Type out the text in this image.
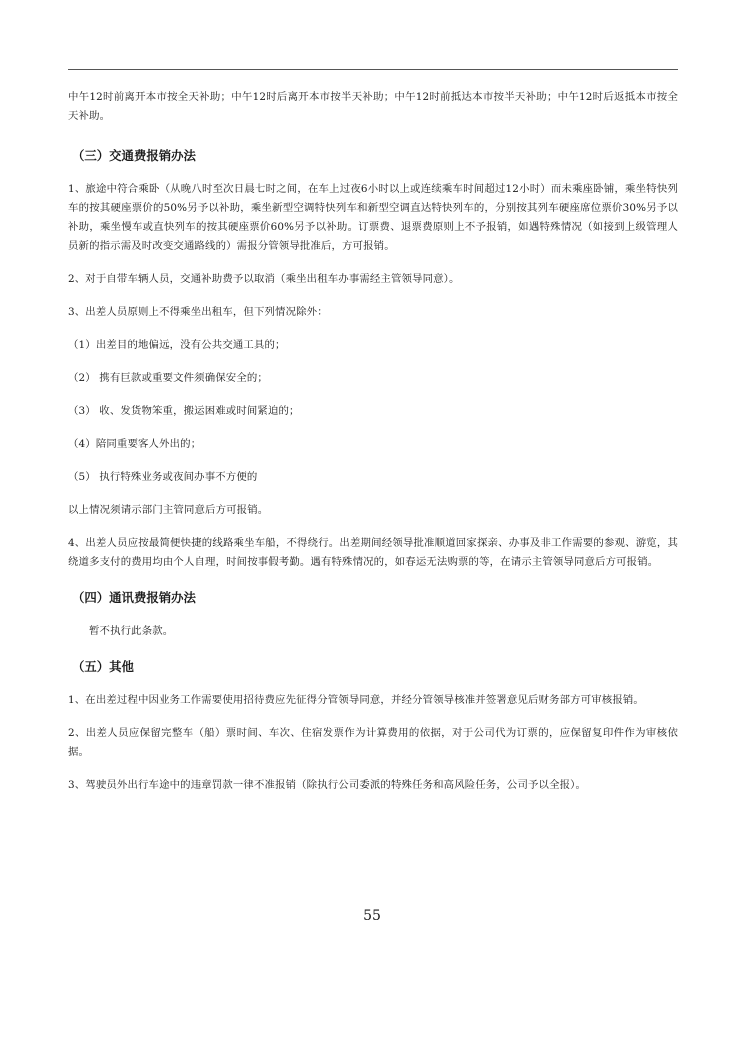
中午12时前离开本市按全天补助；中午12时后离开本市按半天补助；中午12时前抵达本市按半天补助；中午12时后返抵本市按全天补助。

（三）交通费报销办法

1、旅途中符合乘卧（从晚八时至次日晨七时之间，在车上过夜6小时以上或连续乘车时间超过12小时）而未乘座卧铺，乘坐特快列车的按其硬座票价的50%另予以补助，乘坐新型空调特快列车和新型空调直达特快列车的，分别按其列车硬座席位票价30%另予以补助，乘坐慢车或直快列车的按其硬座票价60%另予以补助。订票费、退票费原则上不予报销，如遇特殊情况（如接到上级管理人员新的指示需及时改变交通路线的）需报分管领导批准后，方可报销。

2、对于自带车辆人员，交通补助费予以取消（乘坐出租车办事需经主管领导同意）。

3、出差人员原则上不得乘坐出租车，但下列情况除外：

（1）出差目的地偏远，没有公共交通工具的；

（2） 携有巨款或重要文件须确保安全的；

（3） 收、发货物笨重，搬运困难或时间紧迫的；

（4）陪同重要客人外出的；

（5） 执行特殊业务或夜间办事不方便的

以上情况须请示部门主管同意后方可报销。

4、出差人员应按最简便快捷的线路乘坐车船，不得绕行。出差期间经领导批准顺道回家探亲、办事及非工作需要的参观、游览，其绕道多支付的费用均由个人自理，时间按事假考勤。遇有特殊情况的，如春运无法购票的等，在请示主管领导同意后方可报销。

（四）通讯费报销办法

暂不执行此条款。

（五）其他

1、在出差过程中因业务工作需要使用招待费应先征得分管领导同意，并经分管领导核准并签署意见后财务部方可审核报销。

2、出差人员应保留完整车（船）票时间、车次、住宿发票作为计算费用的依据，对于公司代为订票的，应保留复印件作为审核依据。

3、驾驶员外出行车途中的违章罚款一律不准报销（除执行公司委派的特殊任务和高风险任务，公司予以全报）。

55
